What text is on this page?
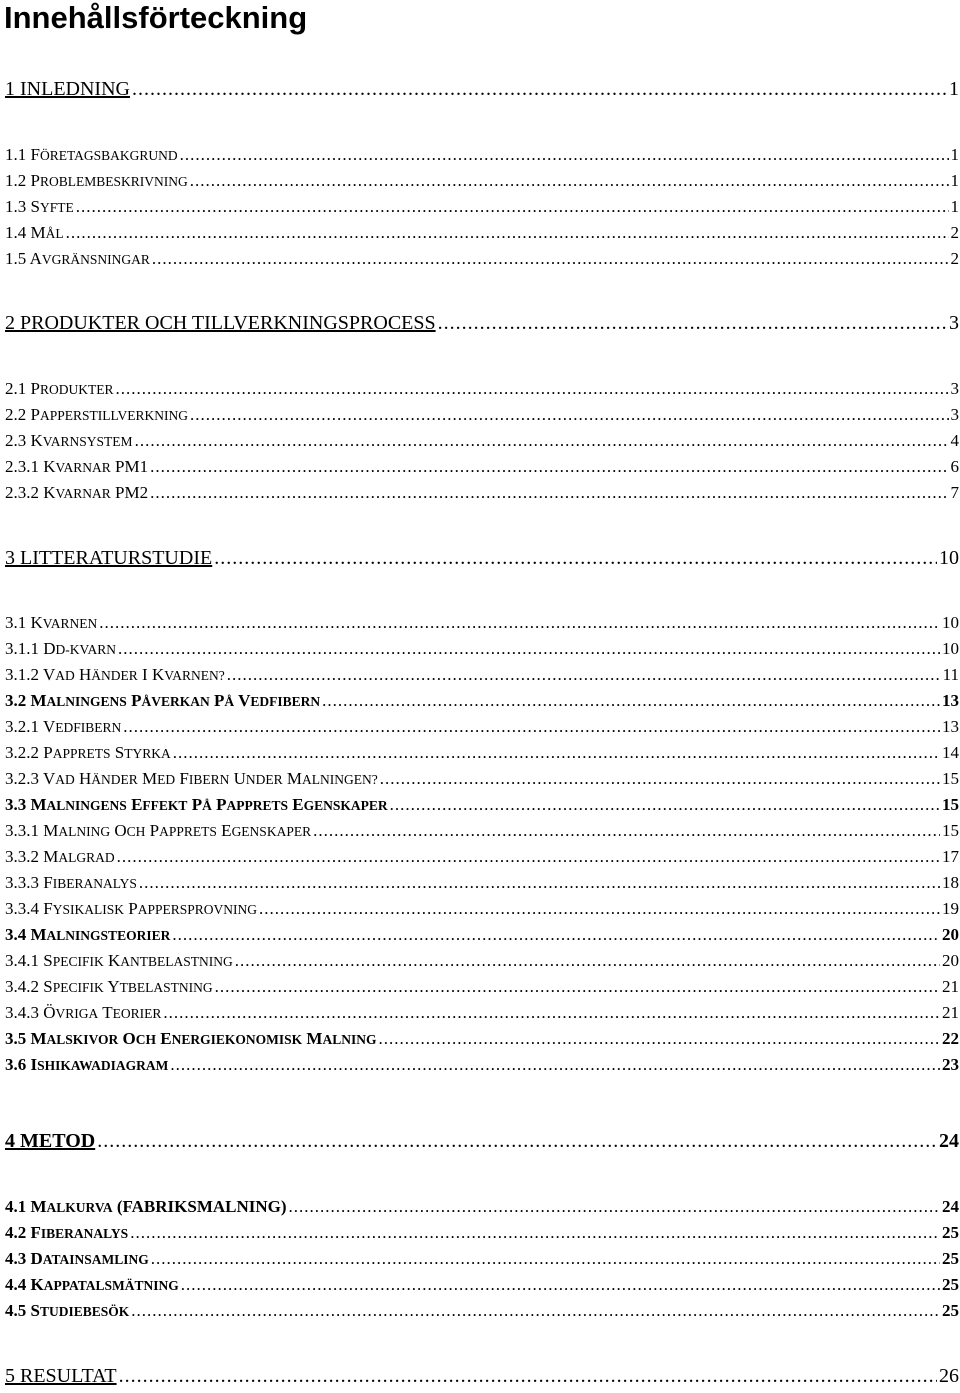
Innehållsförteckning
1 INLEDNING .....	1
1.1 FÖRETAGSBAKGRUND .....	1
1.2 PROBLEMBESKRIVNING .....	1
1.3 SYFTE .....	1
1.4 MÅL .....	2
1.5 AVGRÄNSNINGAR .....	2
2 PRODUKTER OCH TILLVERKNINGSPROCESS .....	3
2.1 PRODUKTER .....	3
2.2 PAPPERSTILLVERKNING .....	3
2.3 KVARNSYSTEM .....	4
2.3.1 KVARNAR PM1 .....	6
2.3.2 KVARNAR PM2 .....	7
3 LITTERATURSTUDIE .....	10
3.1 KVARNEN .....	10
3.1.1 DD-KVARN .....	10
3.1.2 VAD HÄNDER I KVARNEN? .....	11
3.2 MALNINGENS PÅVERKAN PÅ VEDFIBERN .....	13
3.2.1 VEDFIBERN .....	13
3.2.2 PAPPRETS STYRKA .....	14
3.2.3 VAD HÄNDER MED FIBERN UNDER MALNINGEN? .....	15
3.3 MALNINGENS EFFEKT PÅ PAPPRETS EGENSKAPER .....	15
3.3.1 MALNING OCH PAPPRETS EGENSKAPER .....	15
3.3.2 MALGRAD .....	17
3.3.3 FIBERANALYS .....	18
3.3.4 FYSIKALISK PAPPERSPROVNING .....	19
3.4 MALNINGSTEORIER .....	20
3.4.1 SPECIFIK KANTBELASTNING .....	20
3.4.2 SPECIFIK YTBELASTNING .....	21
3.4.3 ÖVRIGA TEORIER .....	21
3.5 MALSKIVOR OCH ENERGIEKONOMISK MALNING .....	22
3.6 ISHIKAWADIAGRAM .....	23
4 METOD .....	24
4.1 MALKURVA (FABRIKSMALNING) .....	24
4.2 FIBERANALYS .....	25
4.3 DATAINSAMLING .....	25
4.4 KAPPATALSMÄTNING .....	25
4.5 STUDIEBESÖK .....	25
5 RESULTAT .....	26
